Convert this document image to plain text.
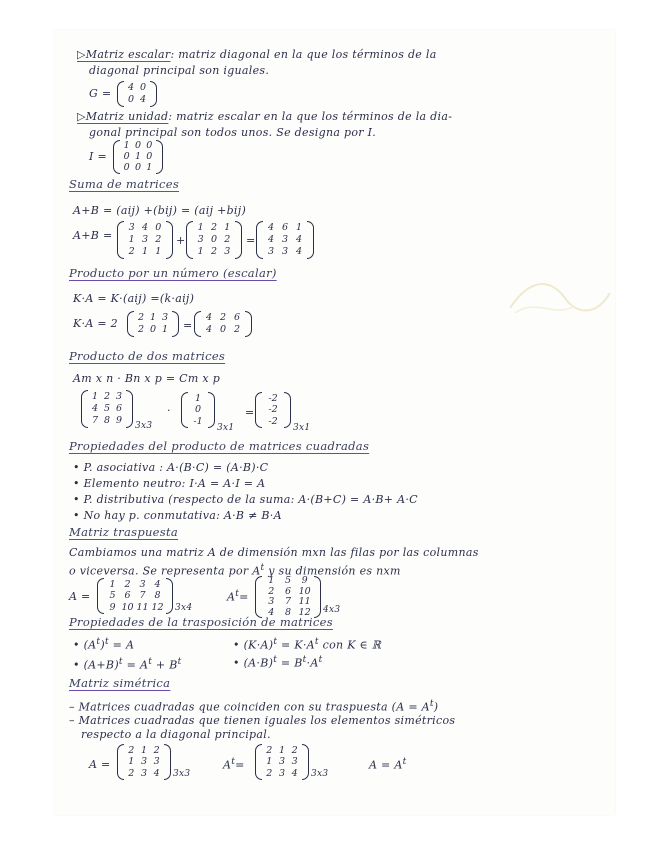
▷Matriz escalar: matriz diagonal en la que los términos de la
diagonal principal son iguales.
G =	4 0
0 4
▷Matriz unidad: matriz escalar en la que los términos de la dia-
gonal principal son todos unos. Se designa por I.
I =
1 0 0
0 1 0
0 0 1
Suma de matrices
A+B = (aij) +(bij) = (aij +bij)
A+B =
3 4 0
1 3 2
2 1 1
+
1 2 1
3 0 2
1 2 3
=
4 6 1
4 3 4
3 3 4
Producto por un número (escalar)
K·A = K·(aij) =(k·aij)
K·A = 2	2 1 3
2 0 1 =
4 2 6
4 0 2
Producto de dos matrices
Am x n · Bn x p = Cm x p
1 2 3
4 5 6
7 8 9	3x3
·
1
0
-1
3x1
=
-2
-2
-2
3x1
Propiedades del producto de matrices cuadradas
• P. asociativa : A·(B·C) = (A·B)·C
• Elemento neutro: I·A = A·I = A
• P. distributiva (respecto de la suma: A·(B+C) = A·B+ A·C
• No hay p. conmutativa: A·B ≠ B·A
Matriz traspuesta
Cambiamos una matriz A de dimensión mxn las filas por las columnas
o viceversa. Se representa por $A^t$ y su dimensión es nxm
A =
1 2 3 4
5 6 7 8
9 10 11 12 3x4
$A^t=$
1	5	9
2	6 10
3	7 11
4	8 12 4x3
Propiedades de la trasposición de matrices
• $(A^t)^t = A$	• $(K\cdot A)^t = K\cdot A^t$ con K ∈ ℝ
• $(A+B)^t = A^t + B^t$	• $(A\cdot B)^t = B^t\cdot A^t$
Matriz simétrica
– Matrices cuadradas que coinciden con su traspuesta $(A = A^t)$
– Matrices cuadradas que tienen iguales los elementos simétricos
respecto a la diagonal principal.
A =
2 1 2
1 3 3
2 3 4	3x3
$A^t=$
2 1 2
1 3 3
2 3 4	3x3
$A = A^t$
